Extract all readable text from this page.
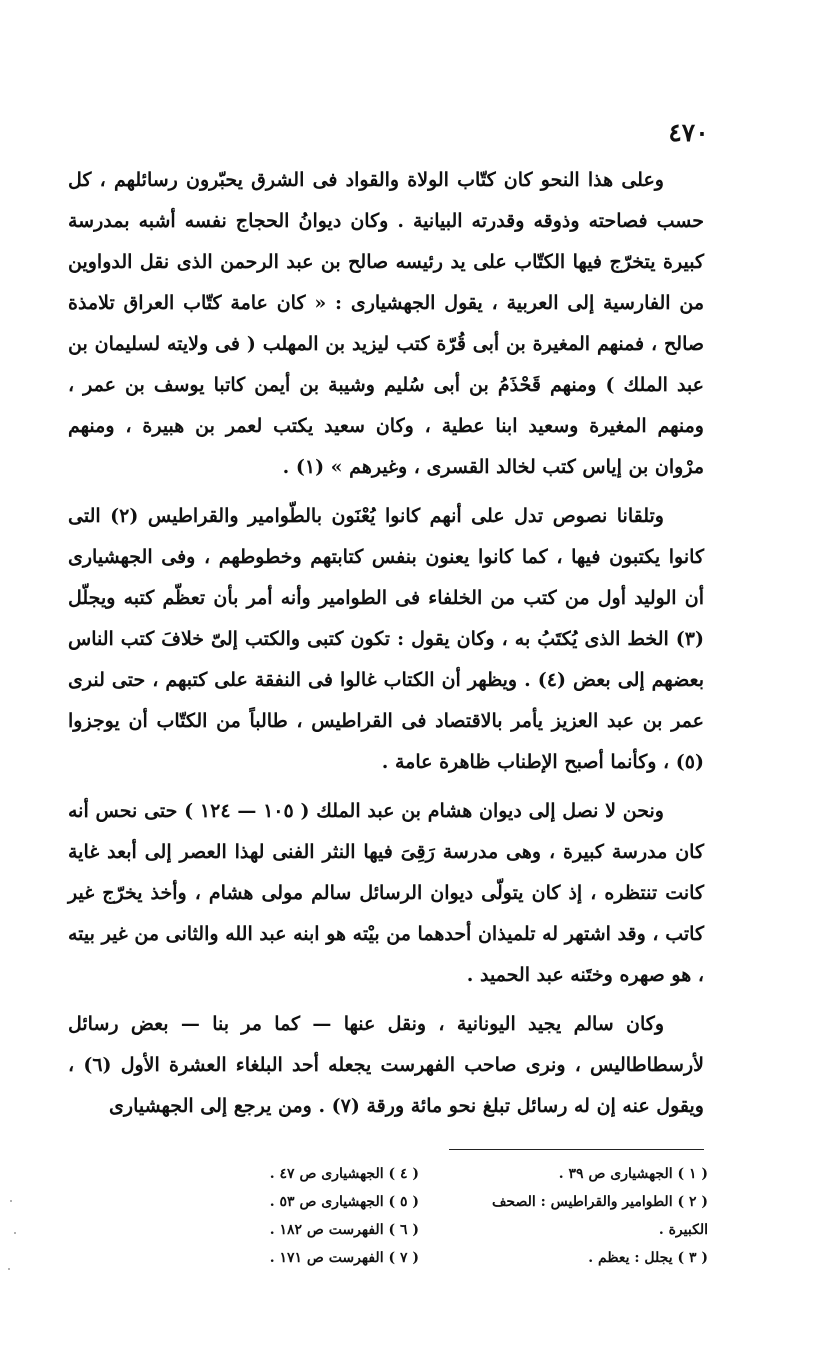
٤٧٠

وعلى هذا النحو كان كتّاب الولاة والقواد فى الشرق يحبّرون رسائلهم ، كل حسب فصاحته وذوقه وقدرته البيانية . وكان ديوانُ الحجاج نفسه أشبه بمدرسة كبيرة يتخرّج فيها الكتّاب على يد رئيسه صالح بن عبد الرحمن الذى نقل الدواوين من الفارسية إلى العربية ، يقول الجهشيارى : « كان عامة كتّاب العراق تلامذة صالح ، فمنهم المغيرة بن أبى قُرّة كتب ليزيد بن المهلب ( فى ولايته لسليمان بن عبد الملك ) ومنهم قَحْذَمُ بن أبى سُليم وشيبة بن أيمن كاتبا يوسف بن عمر ، ومنهم المغيرة وسعيد ابنا عطية ، وكان سعيد يكتب لعمر بن هبيرة ، ومنهم مرْوان بن إياس كتب لخالد القسرى ، وغيرهم » (١) .

وتلقانا نصوص تدل على أنهم كانوا يُعْنَون بالطّوامير والقراطيس (٢) التى كانوا يكتبون فيها ، كما كانوا يعنون بنفس كتابتهم وخطوطهم ، وفى الجهشيارى أن الوليد أول من كتب من الخلفاء فى الطوامير وأنه أمر بأن تعظّم كتبه ويجلّل (٣) الخط الذى يُكتَبُ به ، وكان يقول : تكون كتبى والكتب إلىّ خلافَ كتب الناس بعضهم إلى بعض (٤) . ويظهر أن الكتاب غالوا فى النفقة على كتبهم ، حتى لنرى عمر بن عبد العزيز يأمر بالاقتصاد فى القراطيس ، طالباً من الكتّاب أن يوجزوا (٥) ، وكأنما أصبح الإطناب ظاهرة عامة .

ونحن لا نصل إلى ديوان هشام بن عبد الملك ( ١٠٥ — ١٢٤ ) حتى نحس أنه كان مدرسة كبيرة ، وهى مدرسة رَقِىَ فيها النثر الفنى لهذا العصر إلى أبعد غاية كانت تنتظره ، إذ كان يتولّى ديوان الرسائل سالم مولى هشام ، وأخذ يخرّج غير كاتب ، وقد اشتهر له تلميذان أحدهما من بيْته هو ابنه عبد الله والثانى من غير بيته ، هو صهره وختَنه عبد الحميد .

وكان سالم يجيد اليونانية ، ونقل عنها — كما مر بنا — بعض رسائل لأرسطاطاليس ، ونرى صاحب الفهرست يجعله أحد البلغاء العشرة الأول (٦) ، ويقول عنه إن له رسائل تبلغ نحو مائة ورقة (٧) . ومن يرجع إلى الجهشيارى

( ١ ) الجهشيارى ص ٣٩ .
( ٢ ) الطوامير والقراطيس : الصحف
الكبيرة .
( ٣ ) يجلل : يعظم .
( ٤ ) الجهشيارى ص ٤٧ .
( ٥ ) الجهشيارى ص ٥٣ .
( ٦ ) الفهرست ص ١٨٢ .
( ٧ ) الفهرست ص ١٧١ .
